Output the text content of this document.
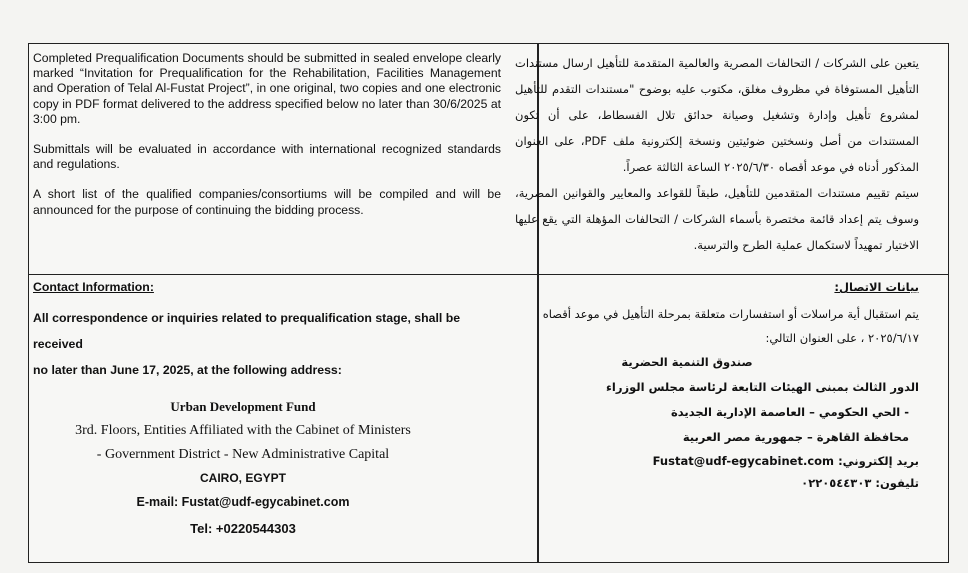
Completed Prequalification Documents should be submitted in sealed envelope clearly marked “Invitation for Prequalification for the Rehabilitation, Facilities Management and Operation of Telal Al-Fustat Project”, in one original, two copies and one electronic copy in PDF format delivered to the address specified below no later than 30/6/2025 at 3:00 pm.

Submittals will be evaluated in accordance with international recognized standards and regulations.

A short list of the qualified companies/consortiums will be compiled and will be announced for the purpose of continuing the bidding process.

يتعين على الشركات / التحالفات المصرية والعالمية المتقدمة للتأهيل ارسال مستندات التأهيل المستوفاة في مظروف مغلق، مكتوب عليه بوضوح "مستندات التقدم للتأهيل لمشروع تأهيل وإدارة وتشغيل وصيانة حدائق تلال الفسطاط، على أن تكون المستندات من أصل ونسختين ضوئيتين ونسخة إلكترونية ملف PDF، على العنوان المذكور أدناه في موعد أقصاه ٢٠٢٥/٦/٣٠ الساعة الثالثة عصراً.

سيتم تقييم مستندات المتقدمين للتأهيل، طبقاً للقواعد والمعايير والقوانين المصرية، وسوف يتم إعداد قائمة مختصرة بأسماء الشركات / التحالفات المؤهلة التي يقع عليها الاختيار تمهيداً لاستكمال عملية الطرح والترسية.

Contact Information:
All correspondence or inquiries related to prequalification stage, shall be received
no later than June 17, 2025, at the following address:
Urban Development Fund
3rd. Floors, Entities Affiliated with the Cabinet of Ministers
- Government District - New Administrative Capital
CAIRO, EGYPT
E-mail: Fustat@udf-egycabinet.com
Tel: +0220544303
بيانات الاتصال:
يتم استقبال أية مراسلات أو استفسارات متعلقة بمرحلة التأهيل في موعد أقصاه ٢٠٢٥/٦/١٧ ، على العنوان التالي:
صندوق التنمية الحضرية
الدور الثالث بمبنى الهيئات التابعة لرئاسة مجلس الوزراء
- الحي الحكومي – العاصمة الإدارية الجديدة
محافظة القاهرة – جمهورية مصر العربية
بريد إلكتروني: Fustat@udf-egycabinet.com
تليفون: ٠٢٢٠٥٤٤٣٠٣
